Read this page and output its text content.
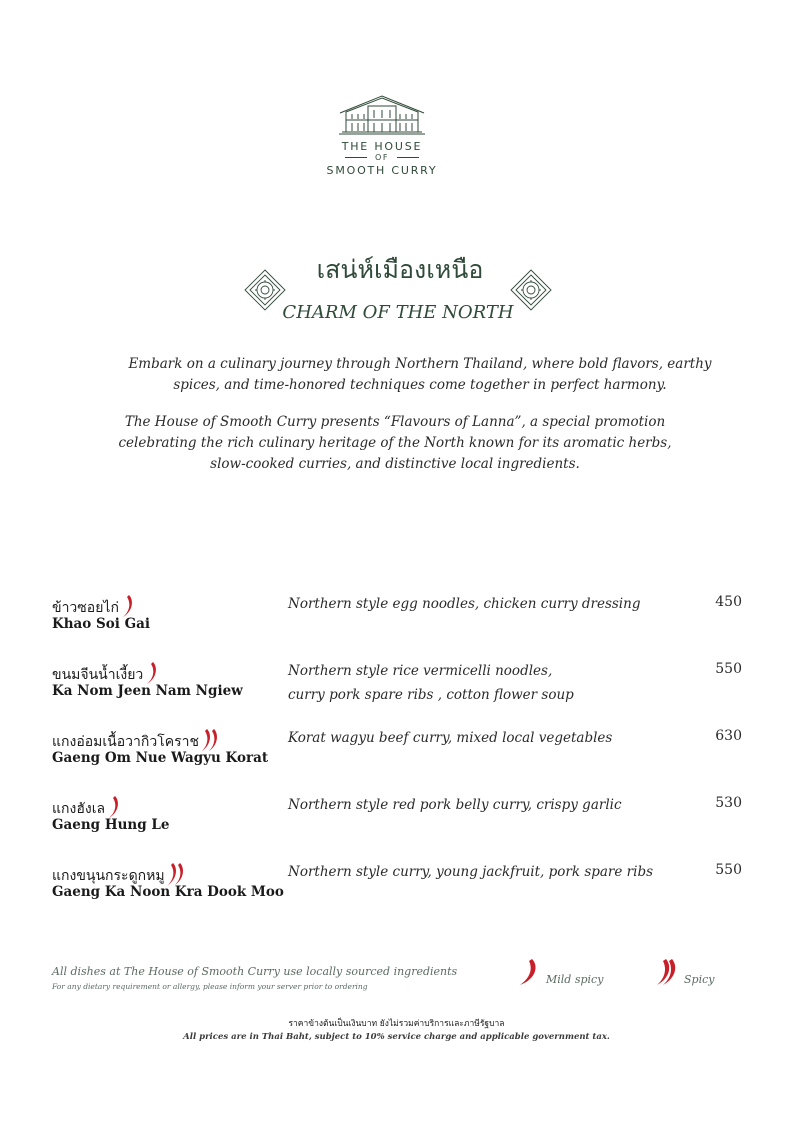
THE HOUSE
OF
SMOOTH CURRY
เสน่ห์เมืองเหนือ
CHARM OF THE NORTH

Embark on a culinary journey through Northern Thailand, where bold flavors, earthy spices, and time-honored techniques come together in perfect harmony.

The House of Smooth Curry presents “Flavours of Lanna”, a special promotion celebrating the rich culinary heritage of the North known for its aromatic herbs, slow-cooked curries, and distinctive local ingredients.

ข้าวซอยไก่
Khao Soi Gai
Northern style egg noodles, chicken curry dressing	450
ขนมจีนน้ำเงี้ยว
Ka Nom Jeen Nam Ngiew
Northern style rice vermicelli noodles,
curry pork spare ribs , cotton flower soup
550
แกงอ่อมเนื้อวากิวโคราช
Gaeng Om Nue Wagyu Korat
Korat wagyu beef curry, mixed local vegetables	630
แกงฮังเล
Gaeng Hung Le
Northern style red pork belly curry, crispy garlic	530
แกงขนุนกระดูกหมู
Gaeng Ka Noon Kra Dook Moo
Northern style curry, young jackfruit, pork spare ribs	550
All dishes at The House of Smooth Curry use locally sourced ingredients
For any dietary requirement or allergy, please inform your server prior to ordering
Mild spicy	Spicy
ราคาข้างต้นเป็นเงินบาท ยังไม่รวมค่าบริการและภาษีรัฐบาล
All prices are in Thai Baht, subject to 10% service charge and applicable government tax.
